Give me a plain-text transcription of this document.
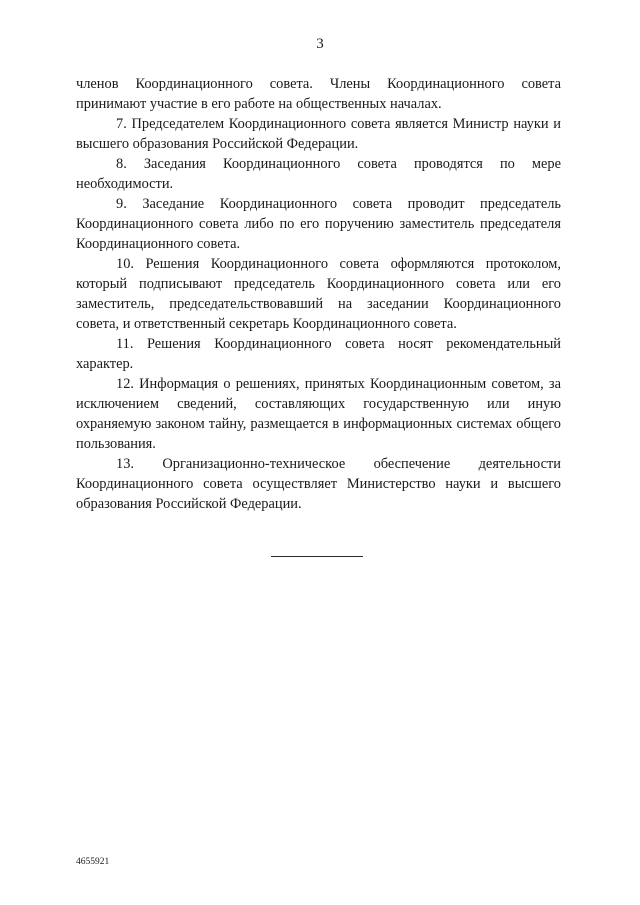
3

членов Координационного совета. Члены Координационного совета принимают участие в его работе на общественных началах.

7. Председателем Координационного совета является Министр науки и высшего образования Российской Федерации.

8. Заседания Координационного совета проводятся по мере необходимости.

9. Заседание Координационного совета проводит председатель Координационного совета либо по его поручению заместитель председателя Координационного совета.

10. Решения Координационного совета оформляются протоколом, который подписывают председатель Координационного совета или его заместитель, председательствовавший на заседании Координационного совета, и ответственный секретарь Координационного совета.

11. Решения Координационного совета носят рекомендательный характер.

12. Информация о решениях, принятых Координационным советом, за исключением сведений, составляющих государственную или иную охраняемую законом тайну, размещается в информационных системах общего пользования.

13. Организационно-техническое обеспечение деятельности Координационного совета осуществляет Министерство науки и высшего образования Российской Федерации.

4655921
